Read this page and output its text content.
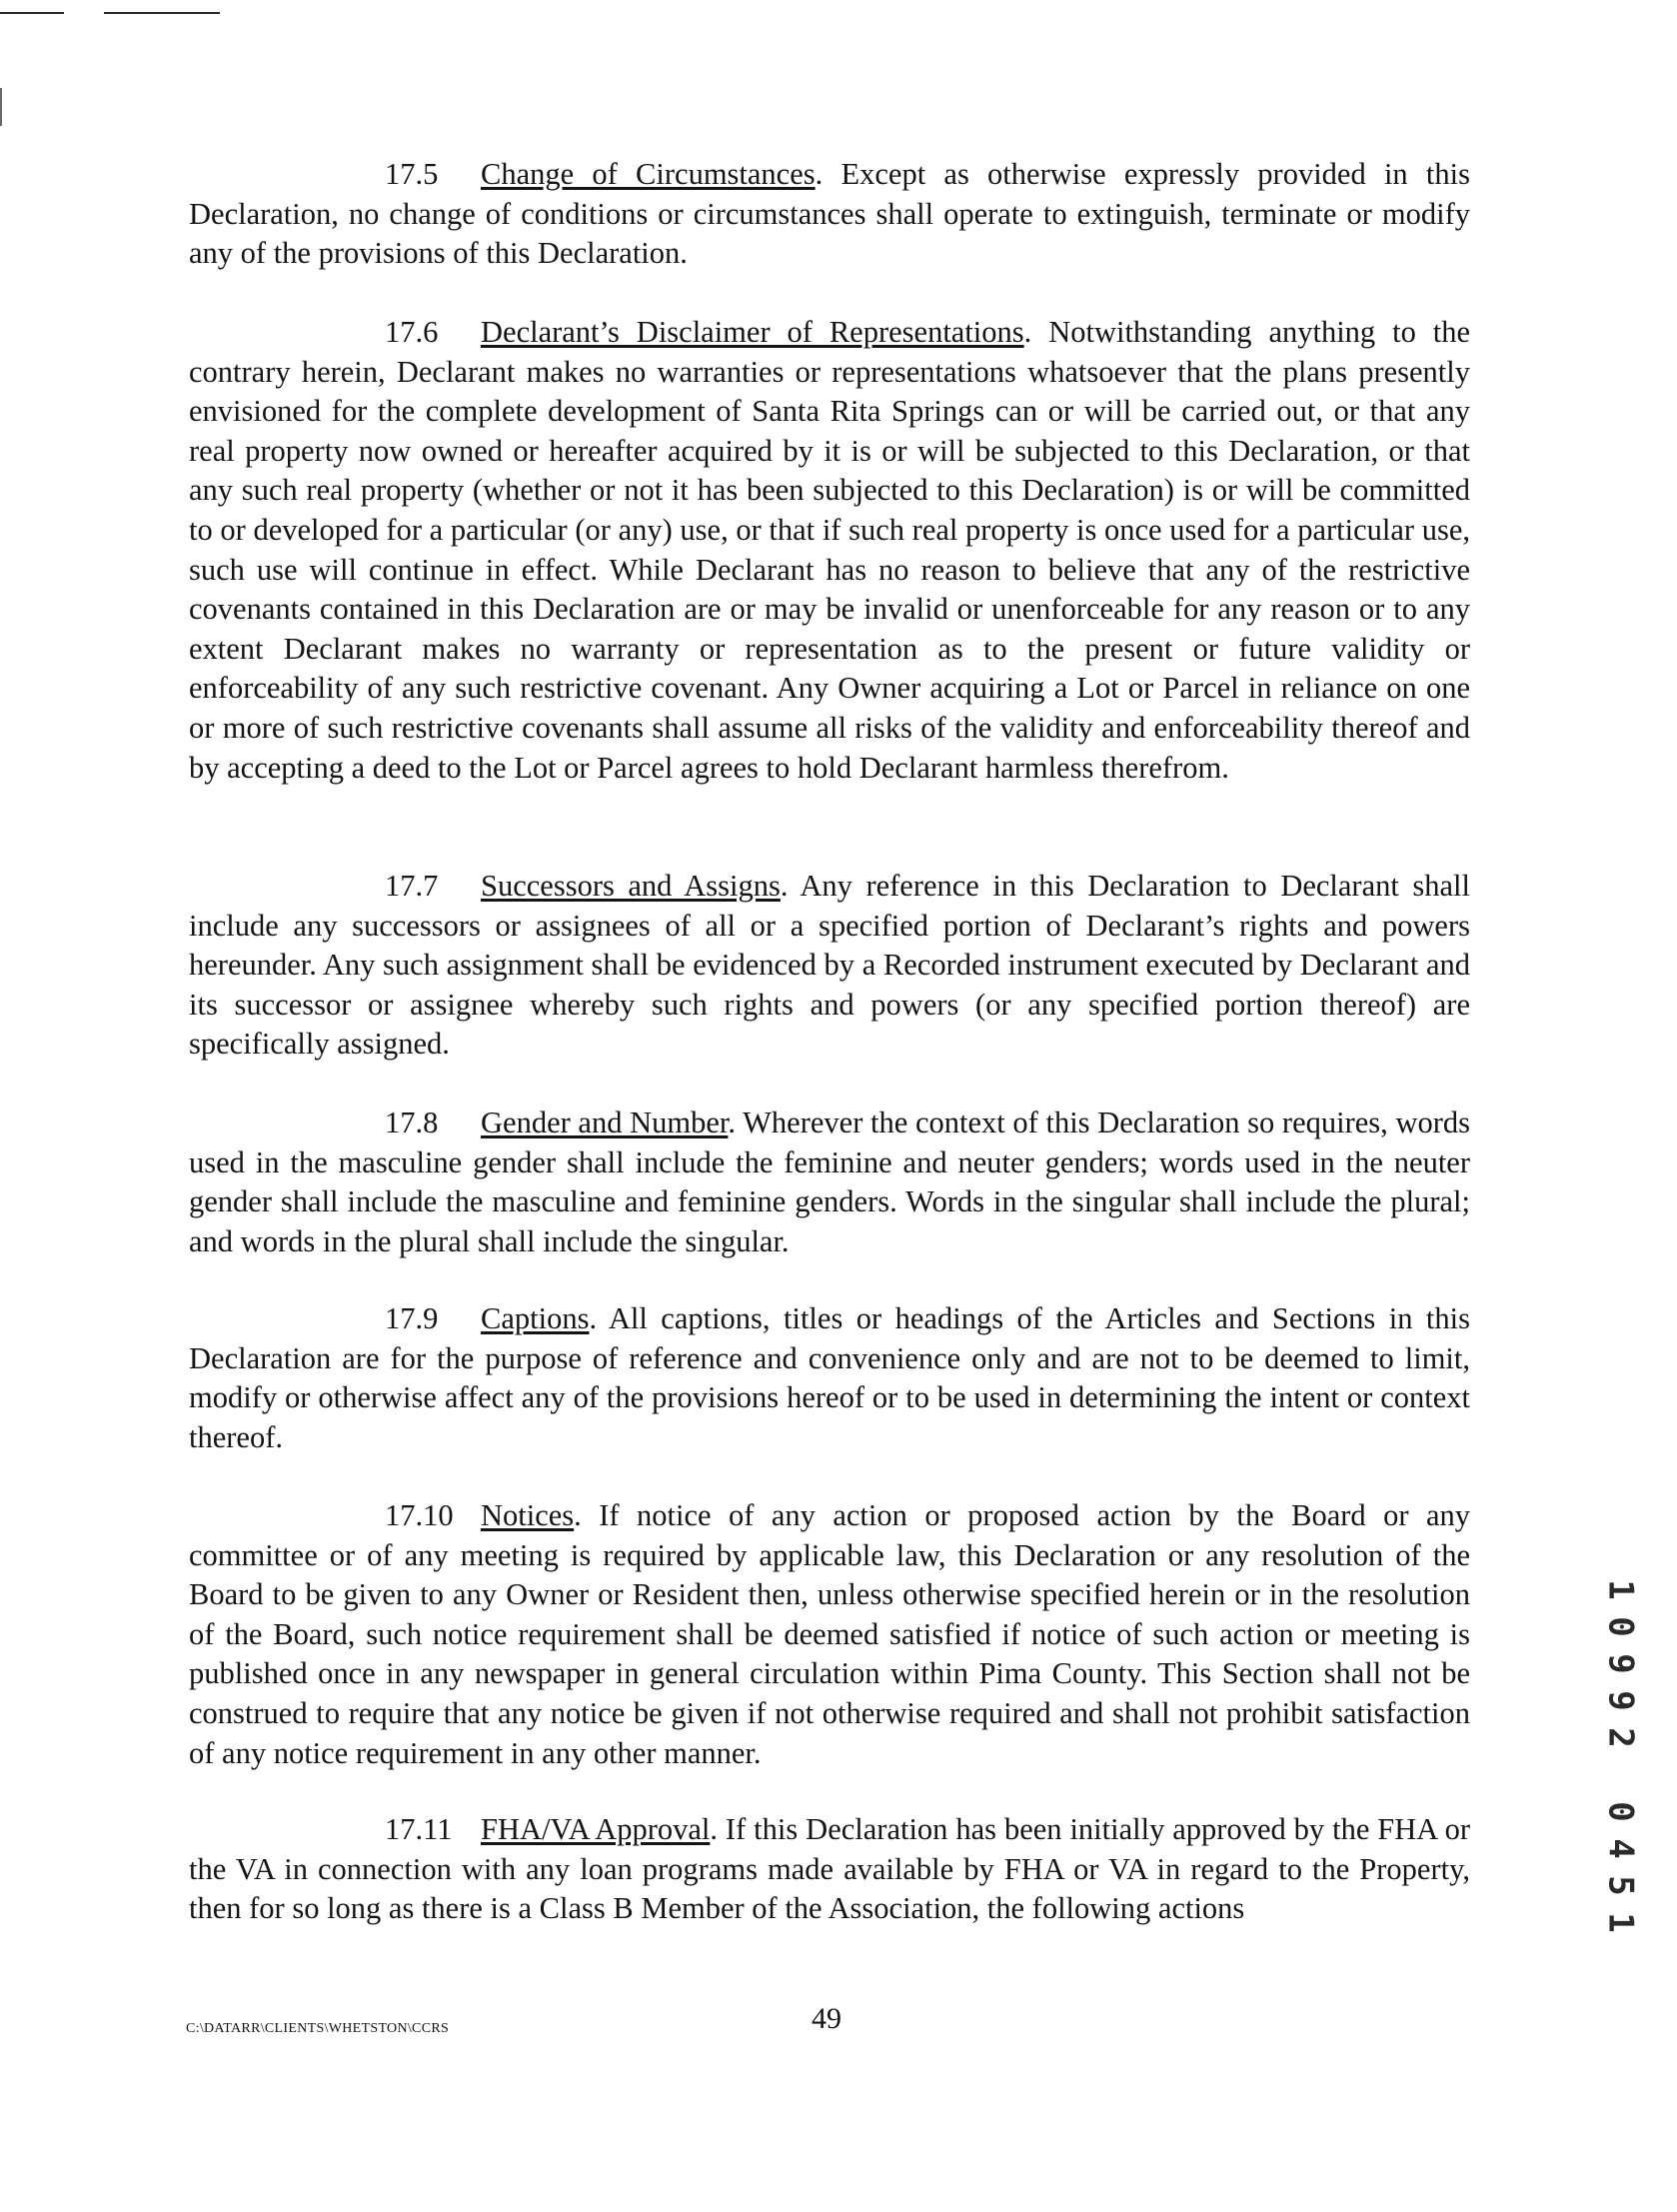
17.5 Change of Circumstances. Except as otherwise expressly provided in this Declaration, no change of conditions or circumstances shall operate to extinguish, terminate or modify any of the provisions of this Declaration.

17.6 Declarant’s Disclaimer of Representations. Notwithstanding anything to the contrary herein, Declarant makes no warranties or representations whatsoever that the plans presently envisioned for the complete development of Santa Rita Springs can or will be carried out, or that any real property now owned or hereafter acquired by it is or will be subjected to this Declaration, or that any such real property (whether or not it has been subjected to this Declaration) is or will be committed to or developed for a particular (or any) use, or that if such real property is once used for a particular use, such use will continue in effect. While Declarant has no reason to believe that any of the restrictive covenants contained in this Declaration are or may be invalid or unenforceable for any reason or to any extent Declarant makes no warranty or representation as to the present or future validity or enforceability of any such restrictive covenant. Any Owner acquiring a Lot or Parcel in reliance on one or more of such restrictive covenants shall assume all risks of the validity and enforceability thereof and by accepting a deed to the Lot or Parcel agrees to hold Declarant harmless therefrom.

17.7 Successors and Assigns. Any reference in this Declaration to Declarant shall include any successors or assignees of all or a specified portion of Declarant’s rights and powers hereunder. Any such assignment shall be evidenced by a Recorded instrument executed by Declarant and its successor or assignee whereby such rights and powers (or any specified portion thereof) are specifically assigned.

17.8 Gender and Number. Wherever the context of this Declaration so requires, words used in the masculine gender shall include the feminine and neuter genders; words used in the neuter gender shall include the masculine and feminine genders. Words in the singular shall include the plural; and words in the plural shall include the singular.

17.9 Captions. All captions, titles or headings of the Articles and Sections in this Declaration are for the purpose of reference and convenience only and are not to be deemed to limit, modify or otherwise affect any of the provisions hereof or to be used in determining the intent or context thereof.

17.10 Notices. If notice of any action or proposed action by the Board or any committee or of any meeting is required by applicable law, this Declaration or any resolution of the Board to be given to any Owner or Resident then, unless otherwise specified herein or in the resolution of the Board, such notice requirement shall be deemed satisfied if notice of such action or meeting is published once in any newspaper in general circulation within Pima County. This Section shall not be construed to require that any notice be given if not otherwise required and shall not prohibit satisfaction of any notice requirement in any other manner.

17.11 FHA/VA Approval. If this Declaration has been initially approved by the FHA or the VA in connection with any loan programs made available by FHA or VA in regard to the Property, then for so long as there is a Class B Member of the Association, the following actions

C:\DATARR\CLIENTS\WHETSTON\CCRS	49
1
0
9
9
2
0
4
5
1
